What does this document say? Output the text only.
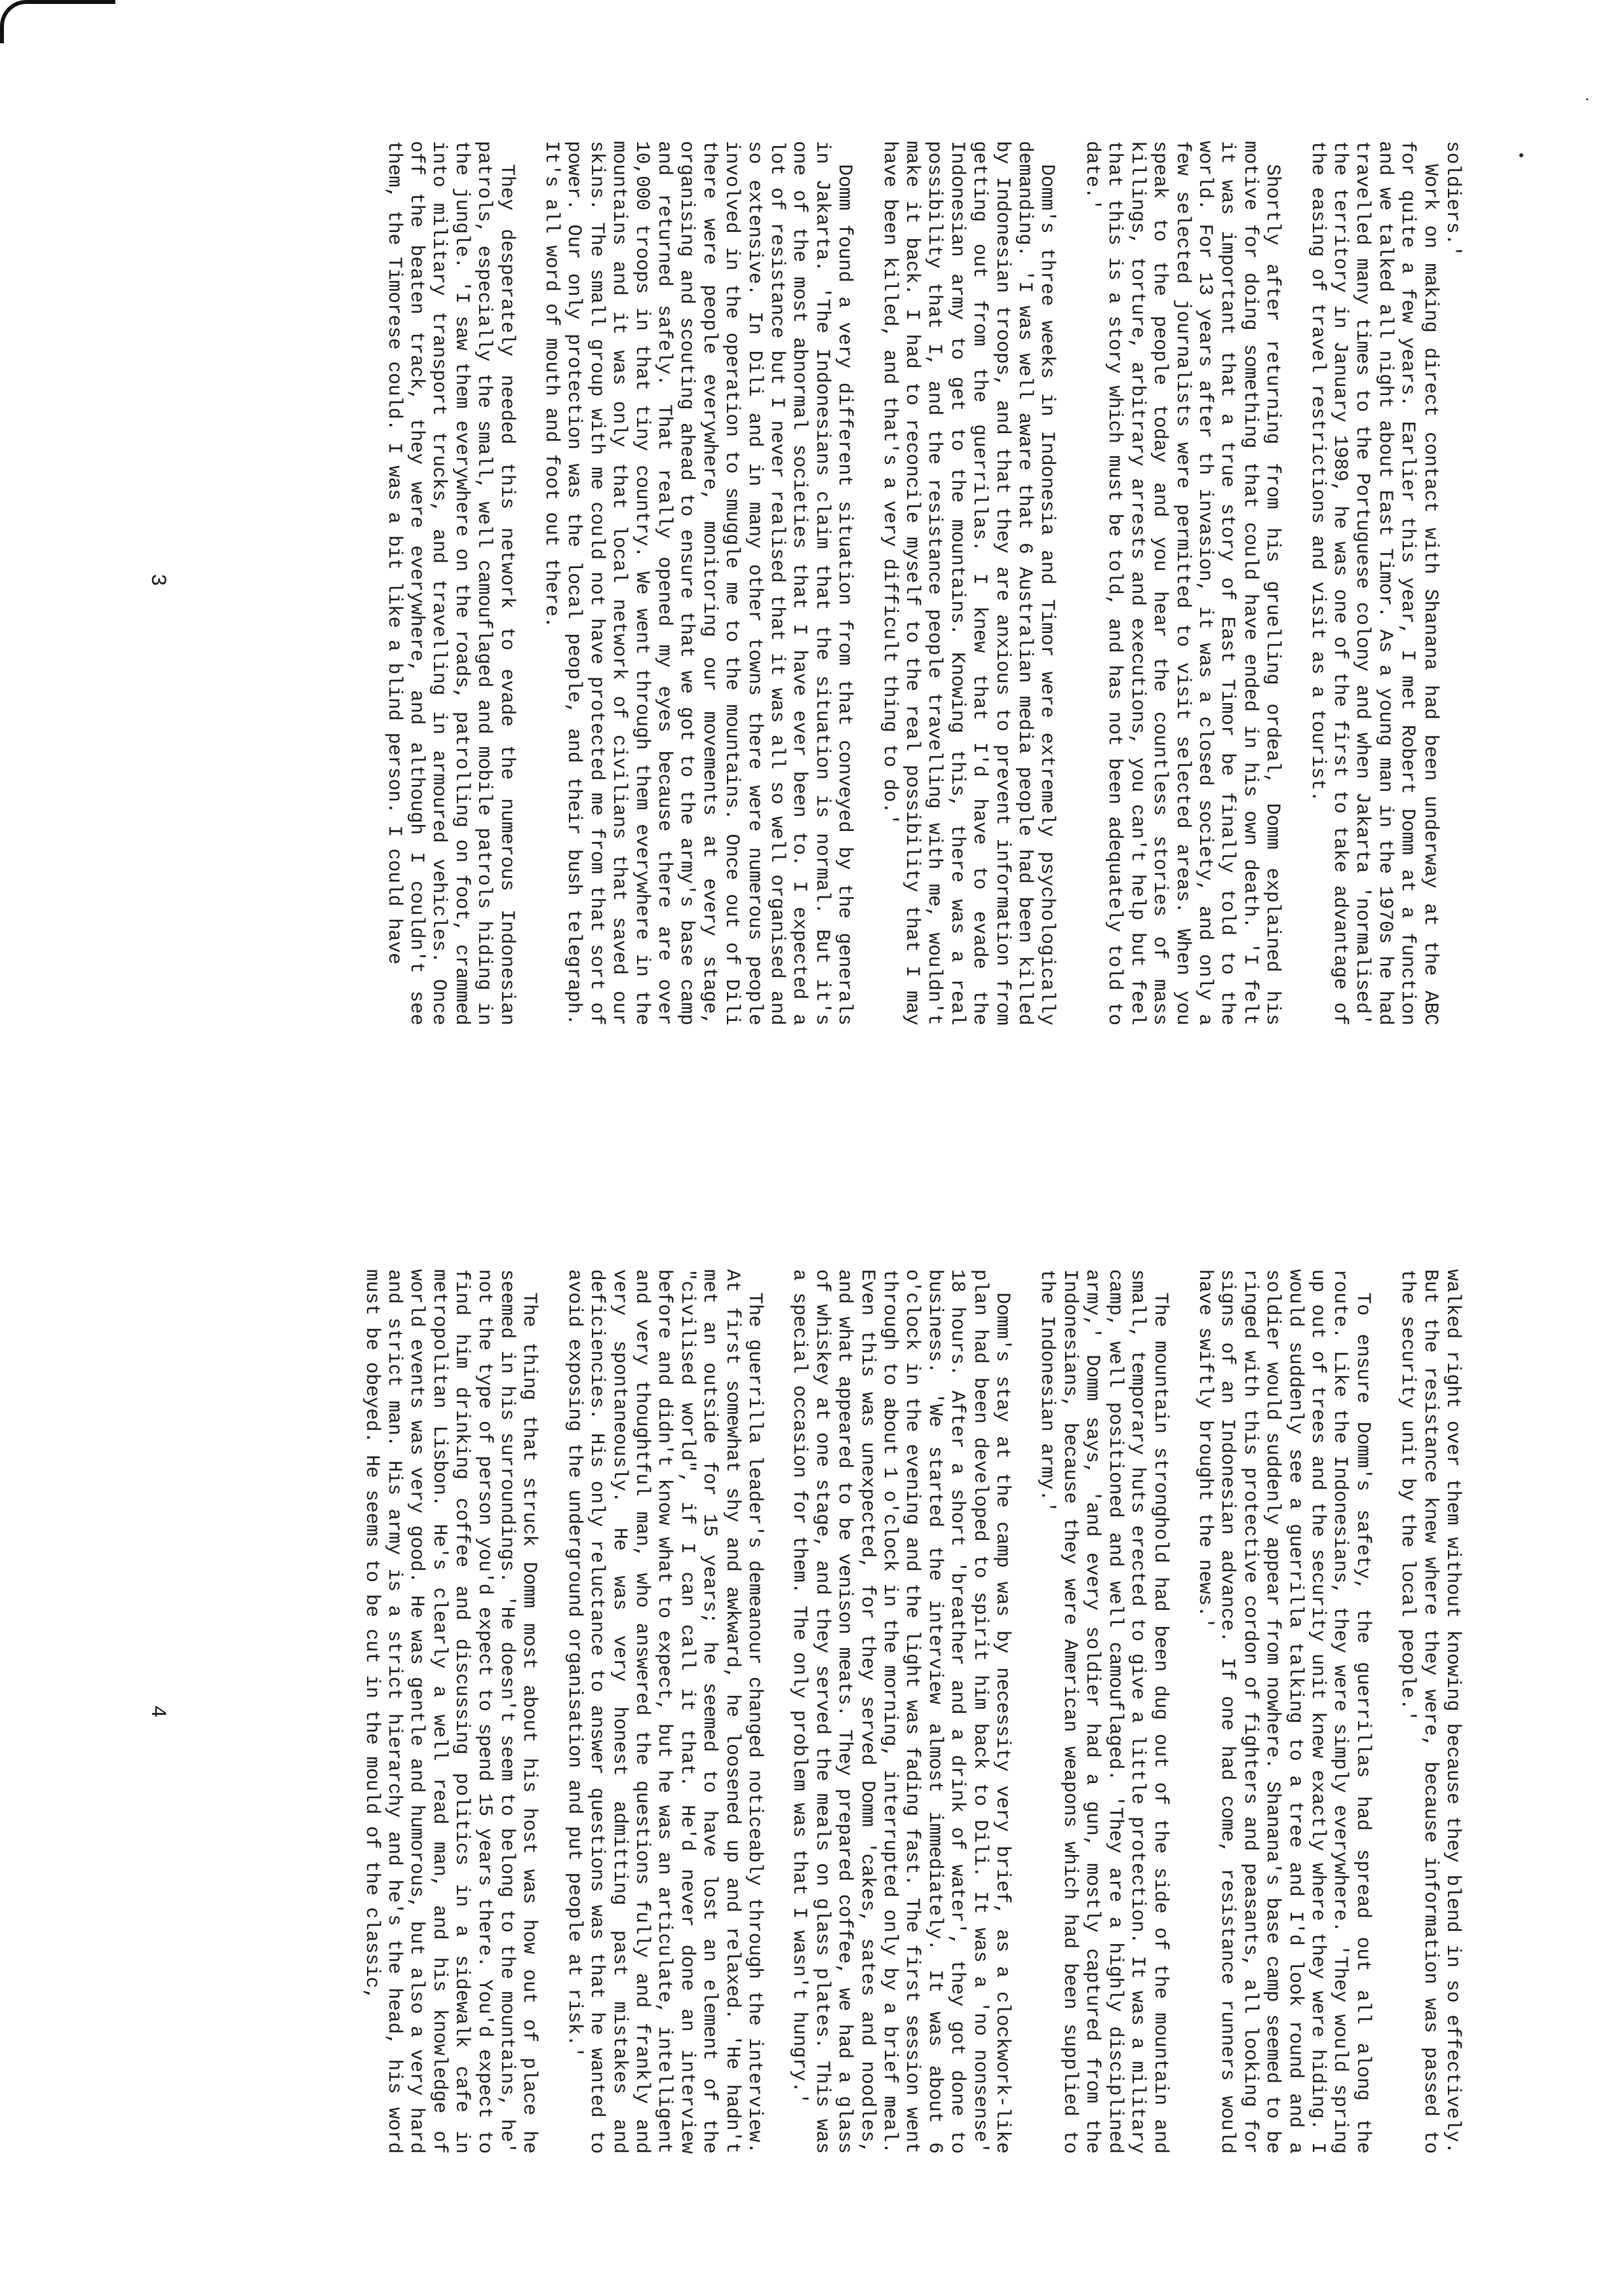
soldiers.'

Work on making direct contact with Shanana had been underway at the ABC for quite a few years. Earlier this year, I met Robert Domm at a function and we talked all night about East Timor. As a young man in the 1970s he had travelled many times to the Portuguese colony and when Jakarta 'normalised' the territory in January 1989, he was one of the first to take advantage of the easing of travel restrictions and visit as a tourist.

Shortly after returning from his gruelling ordeal, Domm explained his motive for doing something that could have ended in his own death. 'I felt it was important that a true story of East Timor be finally told to the world. For 13 years after th invasion, it was a closed society, and only a few selected journalists were permitted to visit selected areas. When you speak to the people today and you hear the countless stories of mass killings, torture, arbitrary arrests and executions, you can't help but feel that this is a story which must be told, and has not been adequately told to date.'

Domm's three weeks in Indonesia and Timor were extremely psychologically demanding. 'I was well aware that 6 Australian media people had been killed by Indonesian troops, and that they are anxious to prevent information from getting out from the guerrillas. I knew that I'd have to evade the Indonesian army to get to the mountains. Knowing this, there was a real possibility that I, and the resistance people travelling with me, wouldn't make it back. I had to reconcile myself to the real possibility that I may have been killed, and that's a very difficult thing to do.'

Domm found a very different situation from that conveyed by the generals in Jakarta. 'The Indonesians claim that the situation is normal. But it's one of the most abnormal societies that I have ever been to. I expected a lot of resistance but I never realised that it was all so well organised and so extensive. In Dili and in many other towns there were numerous people involved in the operation to smuggle me to the mountains. Once out of Dili there were people everywhere, monitoring our movements at every stage, organising and scouting ahead to ensure that we got to the army's base camp and returned safely. That really opened my eyes because there are over 10,000 troops in that tiny country. We went through them everywhere in the mountains and it was only that local network of civilians that saved our skins. The small group with me could not have protected me from that sort of power. Our only protection was the local people, and their bush telegraph. It's all word of mouth and foot out there.

They desperately needed this network to evade the numerous Indonesian patrols, especially the small, well camouflaged and mobile patrols hiding in the jungle. 'I saw them everywhere on the roads, patrolling on foot, crammed into military transport trucks, and travelling in armoured vehicles. Once off the beaten track, they were everywhere, and although I couldn't see them, the Timorese could. I was a bit like a blind person. I could have

3

walked right over them without knowing because they blend in so effectively. But the resistance knew where they were, because information was passed to the security unit by the local people.'

To ensure Domm's safety, the guerrillas had spread out all along the route. Like the Indonesians, they were simply everywhere. 'They would spring up out of trees and the security unit knew exactly where they were hiding. I would suddenly see a guerrilla talking to a tree and I'd look round and a soldier would suddenly appear from nowhere. Shanana's base camp seemed to be ringed with this protective cordon of fighters and peasants, all looking for signs of an Indonesian advance. If one had come, resistance runners would have swiftly brought the news.'

The mountain stronghold had been dug out of the side of the mountain and small, temporary huts erected to give a little protection. It was a military camp, well positioned and well camouflaged. 'They are a highly disciplined army,' Domm says, 'and every soldier had a gun, mostly captured from the Indonesians, because they were American weapons which had been supplied to the Indonesian army.'

Domm's stay at the camp was by necessity very brief, as a clockwork-like plan had been developed to spirit him back to Dili. It was a 'no nonsense' 18 hours. After a short 'breather and a drink of water', they got done to business. 'We started the interview almost immediately. It was about 6 o'clock in the evening and the light was fading fast. The first session went through to about 1 o'clock in the morning, interrupted only by a brief meal. Even this was unexpected, for they served Domm 'cakes, sates and noodles, and what appeared to be venison meats. They prepared coffee, we had a glass of whiskey at one stage, and they served the meals on glass plates. This was a special occasion for them. The only problem was that I wasn't hungry.'

The guerrilla leader's demeanour changed noticeably through the interview. At first somewhat shy and awkward, he loosened up and relaxed. 'He hadn't met an outside for 15 years; he seemed to have lost an element of the "civilised world", if I can call it that. He'd never done an interview before and didn't know what to expect, but he was an articulate, intelligent and very thoughtful man, who answered the questions fully and frankly and very spontaneously. He was very honest admitting past mistakes and deficiencies. His only reluctance to answer questions was that he wanted to avoid exposing the underground organisation and put people at risk.'

The thing that struck Domm most about his host was how out of place he seemed in his surroundings. 'He doesn't seem to belong to the mountains, he' not the type of person you'd expect to spend 15 years there. You'd expect to find him drinking coffee and discussing politics in a sidewalk cafe in metropolitan Lisbon. He's clearly a well read man, and his knowledge of world events was very good. He was gentle and humorous, but also a very hard and strict man. His army is a strict hierarchy and he's the head, his word must be obeyed. He seems to be cut in the mould of the classic,

4
